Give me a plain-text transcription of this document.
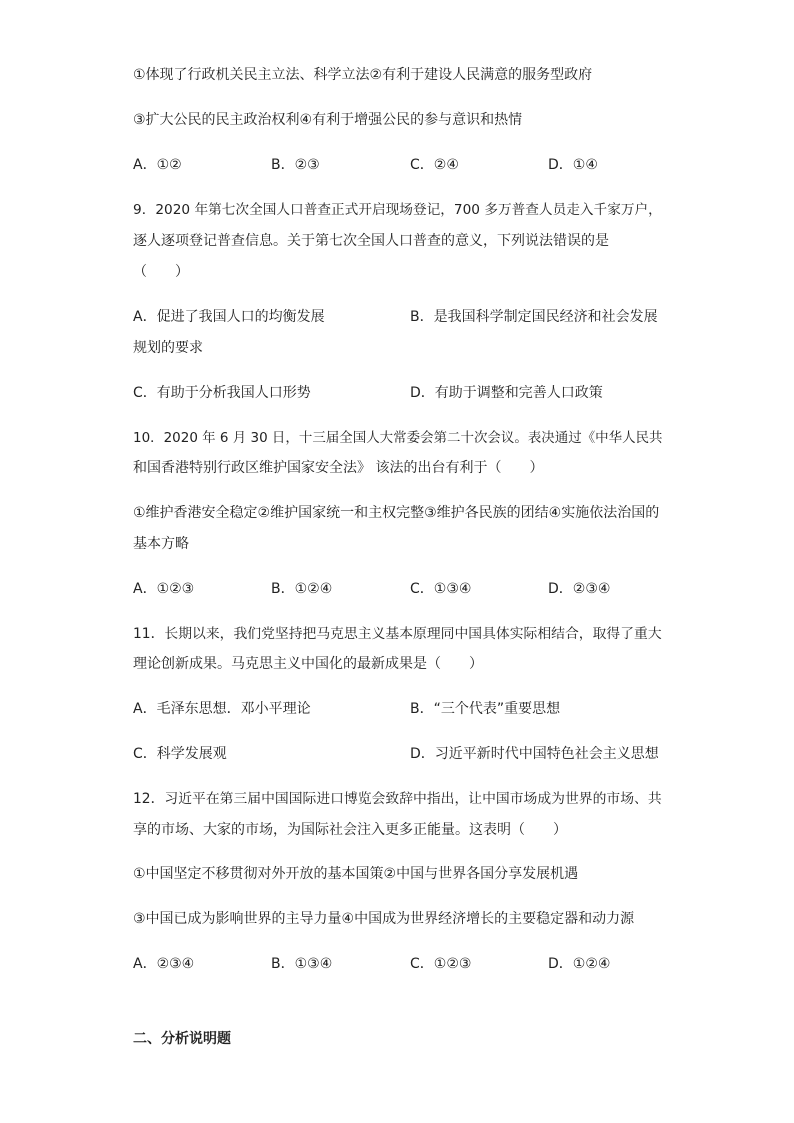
①体现了行政机关民主立法、科学立法②有利于建设人民满意的服务型政府
③扩大公民的民主政治权利④有利于增强公民的参与意识和热情
A．①②	B．②③	C．②④	D．①④
9．2020 年第七次全国人口普查正式开启现场登记，700 多万普查人员走入千家万户，
逐人逐项登记普查信息。关于第七次全国人口普查的意义，下列说法错误的是
（　　）
A．促进了我国人口的均衡发展	B．是我国科学制定国民经济和社会发展
规划的要求
C．有助于分析我国人口形势	D．有助于调整和完善人口政策
10．2020 年 6 月 30 日，十三届全国人大常委会第二十次会议。表决通过《中华人民共
和国香港特别行政区维护国家安全法》 该法的出台有利于（　　）
①维护香港安全稳定②维护国家统一和主权完整③维护各民族的团结④实施依法治国的
基本方略
A．①②③	B．①②④	C．①③④	D．②③④
11．长期以来，我们党坚持把马克思主义基本原理同中国具体实际相结合，取得了重大
理论创新成果。马克思主义中国化的最新成果是（　　）
A．毛泽东思想．邓小平理论	B．“三个代表”重要思想
C．科学发展观	D．习近平新时代中国特色社会主义思想
12．习近平在第三届中国国际进口博览会致辞中指出，让中国市场成为世界的市场、共
享的市场、大家的市场，为国际社会注入更多正能量。这表明（　　）
①中国坚定不移贯彻对外开放的基本国策②中国与世界各国分享发展机遇
③中国已成为影响世界的主导力量④中国成为世界经济增长的主要稳定器和动力源
A．②③④	B．①③④	C．①②③	D．①②④
二、分析说明题
